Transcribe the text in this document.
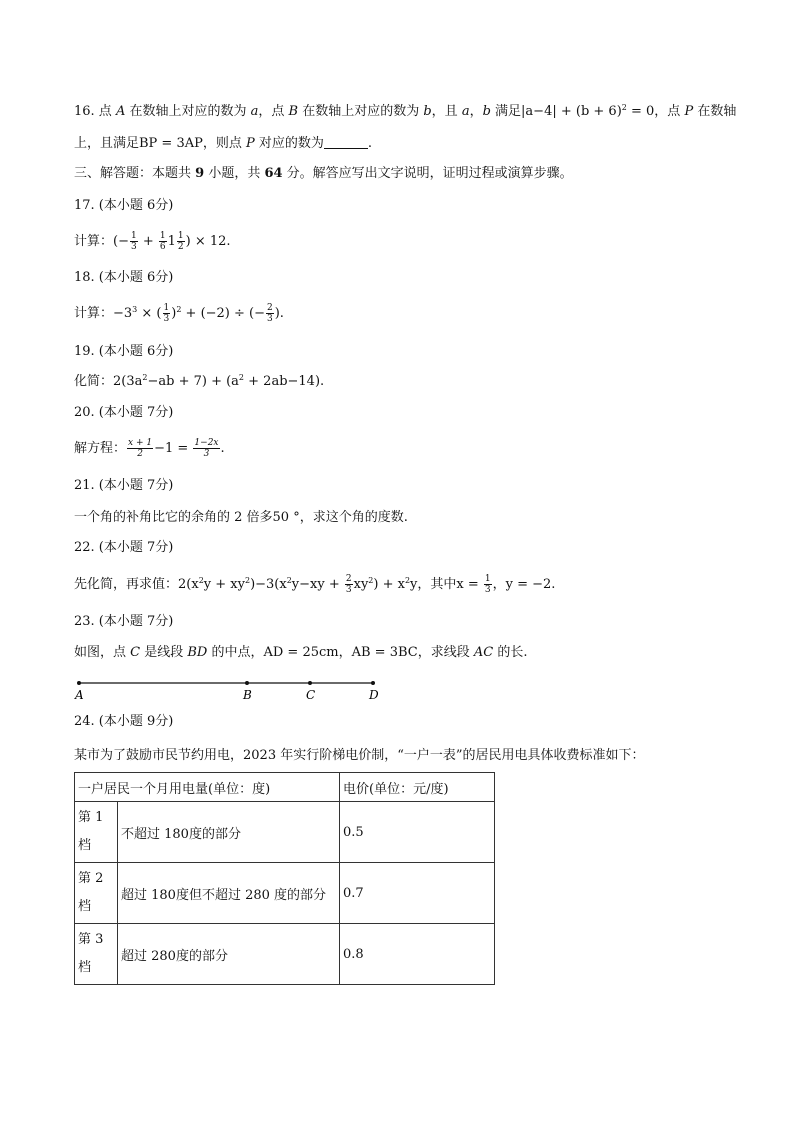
16. 点 A 在数轴上对应的数为 a，点 B 在数轴上对应的数为 b，且 a，b 满足$|a-4| + (b + 6)^2 = 0$，点 P 在数轴
上，且满足BP = 3AP，则点 P 对应的数为	.
三、解答题：本题共 9 小题，共 64 分。解答应写出文字说明，证明过程或演算步骤。
17. (本小题 6分)
计算：(− $\frac{1}{3} + \frac{1}{6} 1 \frac{1}{2}$ ) × 12.
18. (本小题 6分)
计算：$-3^3$ × ( $\frac{1}{3} )^2 + (-2)$ ÷ (− $\frac{2}{3}$ ).
19. (本小题 6分)
化简：$2(3a^2-ab + 7) + (a^2 + 2ab-14)$.
20. (本小题 7分)
解方程： $\frac{x + 1}{2} -1 = \frac{1-2x}{3}$ .
21. (本小题 7分)
一个角的补角比它的余角的 2 倍多50 °，求这个角的度数.
22. (本小题 7分)
先化简，再求值：$2(x^2y + xy^2)-3(x^2y-xy + \frac{2}{3} xy^2) + x^2y$，其中$x = \frac{1}{3}$ ，y = −2.
23. (本小题 7分)
如图，点 C 是线段 BD 的中点，AD = 25cm，AB = 3BC，求线段 AC 的长.
A	B	C	D
24. (本小题 9分)
某市为了鼓励市民节约用电，2023 年实行阶梯电价制，“一户一表”的居民用电具体收费标准如下：
一户居民一个月用电量(单位：度)		电价(单位：元/度)
第 1 档	不超过 180度的部分	0.5
第 2 档	超过 180度但不超过 280 度的部分	0.7
第 3 档	超过 280度的部分	0.8
